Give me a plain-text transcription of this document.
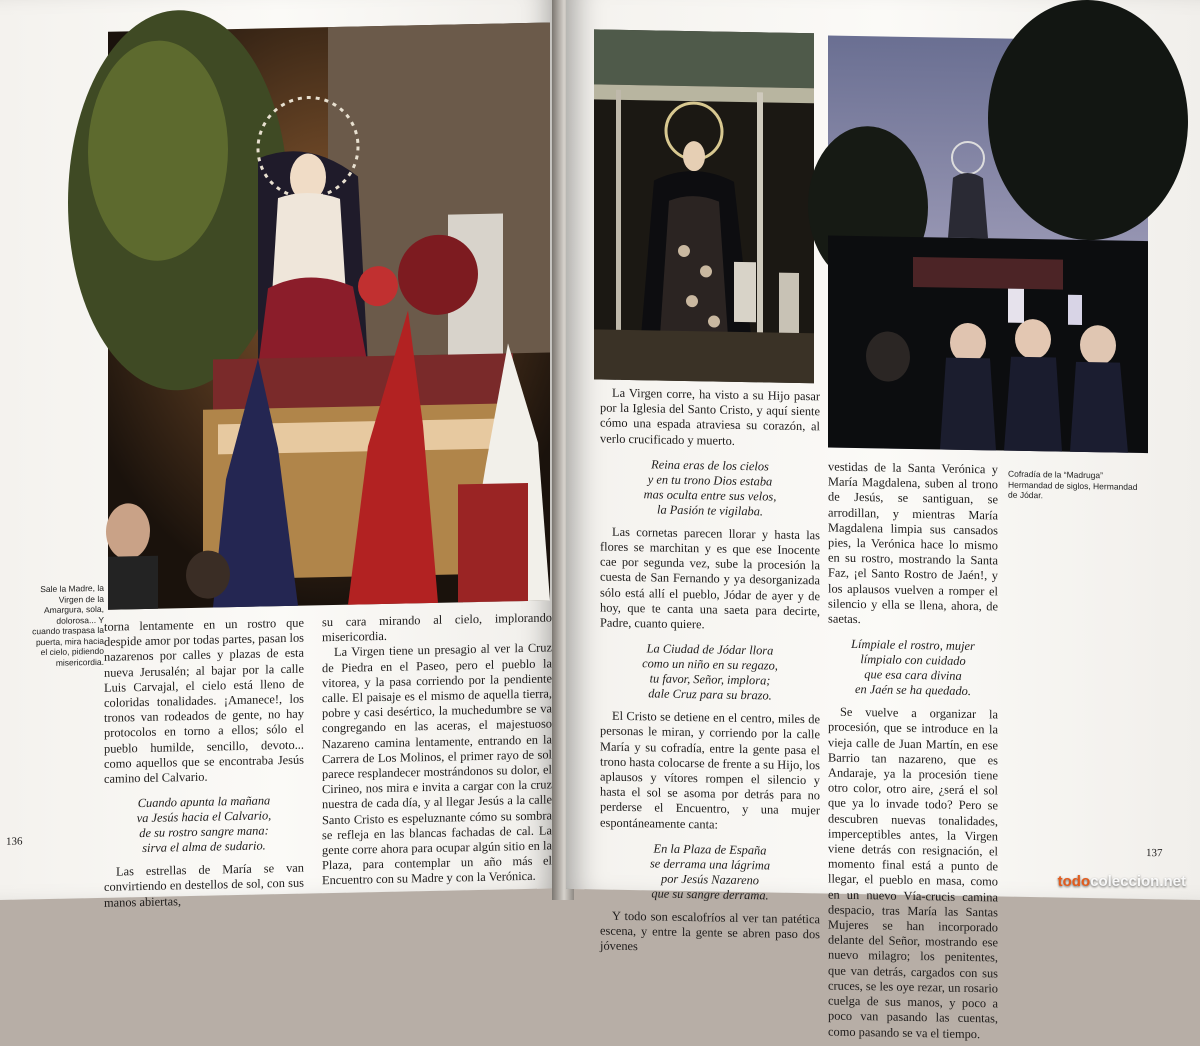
Sale la Madre, la Virgen de la Amargura, sola, dolorosa... Y cuando traspasa la puerta, mira hacia el cielo, pidiendo misericordia.

torna lentamente en un rostro que despide amor por todas partes, pasan los nazarenos por calles y plazas de esta nueva Jerusalén; al bajar por la calle Luis Carvajal, el cielo está lleno de coloridas tonalidades. ¡Amanece!, los tronos van rodeados de gente, no hay protocolos en torno a ellos; sólo el pueblo humilde, sencillo, devoto... como aquellos que se encontraba Jesús camino del Calvario.

Cuando apunta la mañana
va Jesús hacia el Calvario,
de su rostro sangre mana:
sirva el alma de sudario.

Las estrellas de María se van convirtiendo en destellos de sol, con sus manos abiertas,

su cara mirando al cielo, implorando misericordia.

La Virgen tiene un presagio al ver la Cruz de Piedra en el Paseo, pero el pueblo la vitorea, y la pasa corriendo por la pendiente calle. El paisaje es el mismo de aquella tierra, pobre y casi desértico, la muchedumbre se va congregando en las aceras, el majestuoso Nazareno camina lentamente, entrando en la Carrera de Los Molinos, el primer rayo de sol parece resplandecer mostrándonos su dolor, el Cirineo, nos mira e invita a cargar con la cruz nuestra de cada día, y al llegar Jesús a la calle Santo Cristo es espeluznante cómo su sombra se refleja en las blancas fachadas de cal. La gente corre ahora para ocupar algún sitio en la Plaza, para contemplar un año más el Encuentro con su Madre y con la Verónica.

136
Cofradía de la “Madruga” Hermandad de siglos, Hermandad de Jódar.

La Virgen corre, ha visto a su Hijo pasar por la Iglesia del Santo Cristo, y aquí siente cómo una espada atraviesa su corazón, al verlo crucificado y muerto.

Reina eras de los cielos
y en tu trono Dios estaba
mas oculta entre sus velos,
la Pasión te vigilaba.

Las cornetas parecen llorar y hasta las flores se marchitan y es que ese Inocente cae por segunda vez, sube la procesión la cuesta de San Fernando y ya desorganizada sólo está allí el pueblo, Jódar de ayer y de hoy, que te canta una saeta para decirte, Padre, cuanto quiere.

La Ciudad de Jódar llora
como un niño en su regazo,
tu favor, Señor, implora;
dale Cruz para su brazo.

El Cristo se detiene en el centro, miles de personas le miran, y corriendo por la calle María y su cofradía, entre la gente pasa el trono hasta colocarse de frente a su Hijo, los aplausos y vítores rompen el silencio y hasta el sol se asoma por detrás para no perderse el Encuentro, y una mujer espontáneamente canta:

En la Plaza de España
se derrama una lágrima
por Jesús Nazareno
que su sangre derrama.

Y todo son escalofríos al ver tan patética escena, y entre la gente se abren paso dos jóvenes

vestidas de la Santa Verónica y María Magdalena, suben al trono de Jesús, se santiguan, se arrodillan, y mientras María Magdalena limpia sus cansados pies, la Verónica hace lo mismo en su rostro, mostrando la Santa Faz, ¡el Santo Rostro de Jaén!, y los aplausos vuelven a romper el silencio y ella se llena, ahora, de saetas.

Límpiale el rostro, mujer
límpialo con cuidado
que esa cara divina
en Jaén se ha quedado.

Se vuelve a organizar la procesión, que se introduce en la vieja calle de Juan Martín, en ese Barrio tan nazareno, que es Andaraje, ya la procesión tiene otro color, otro aire, ¿será el sol que ya lo invade todo? Pero se descubren nuevas tonalidades, imperceptibles antes, la Virgen viene detrás con resignación, el momento final está a punto de llegar, el pueblo en masa, como en un nuevo Vía-crucis camina despacio, tras María las Santas Mujeres se han incorporado delante del Señor, mostrando ese nuevo milagro; los penitentes, que van detrás, cargados con sus cruces, se les oye rezar, un rosario cuelga de sus manos, y poco a poco van pasando las cuentas, como pasando se va el tiempo.

137
todocoleccion.net
